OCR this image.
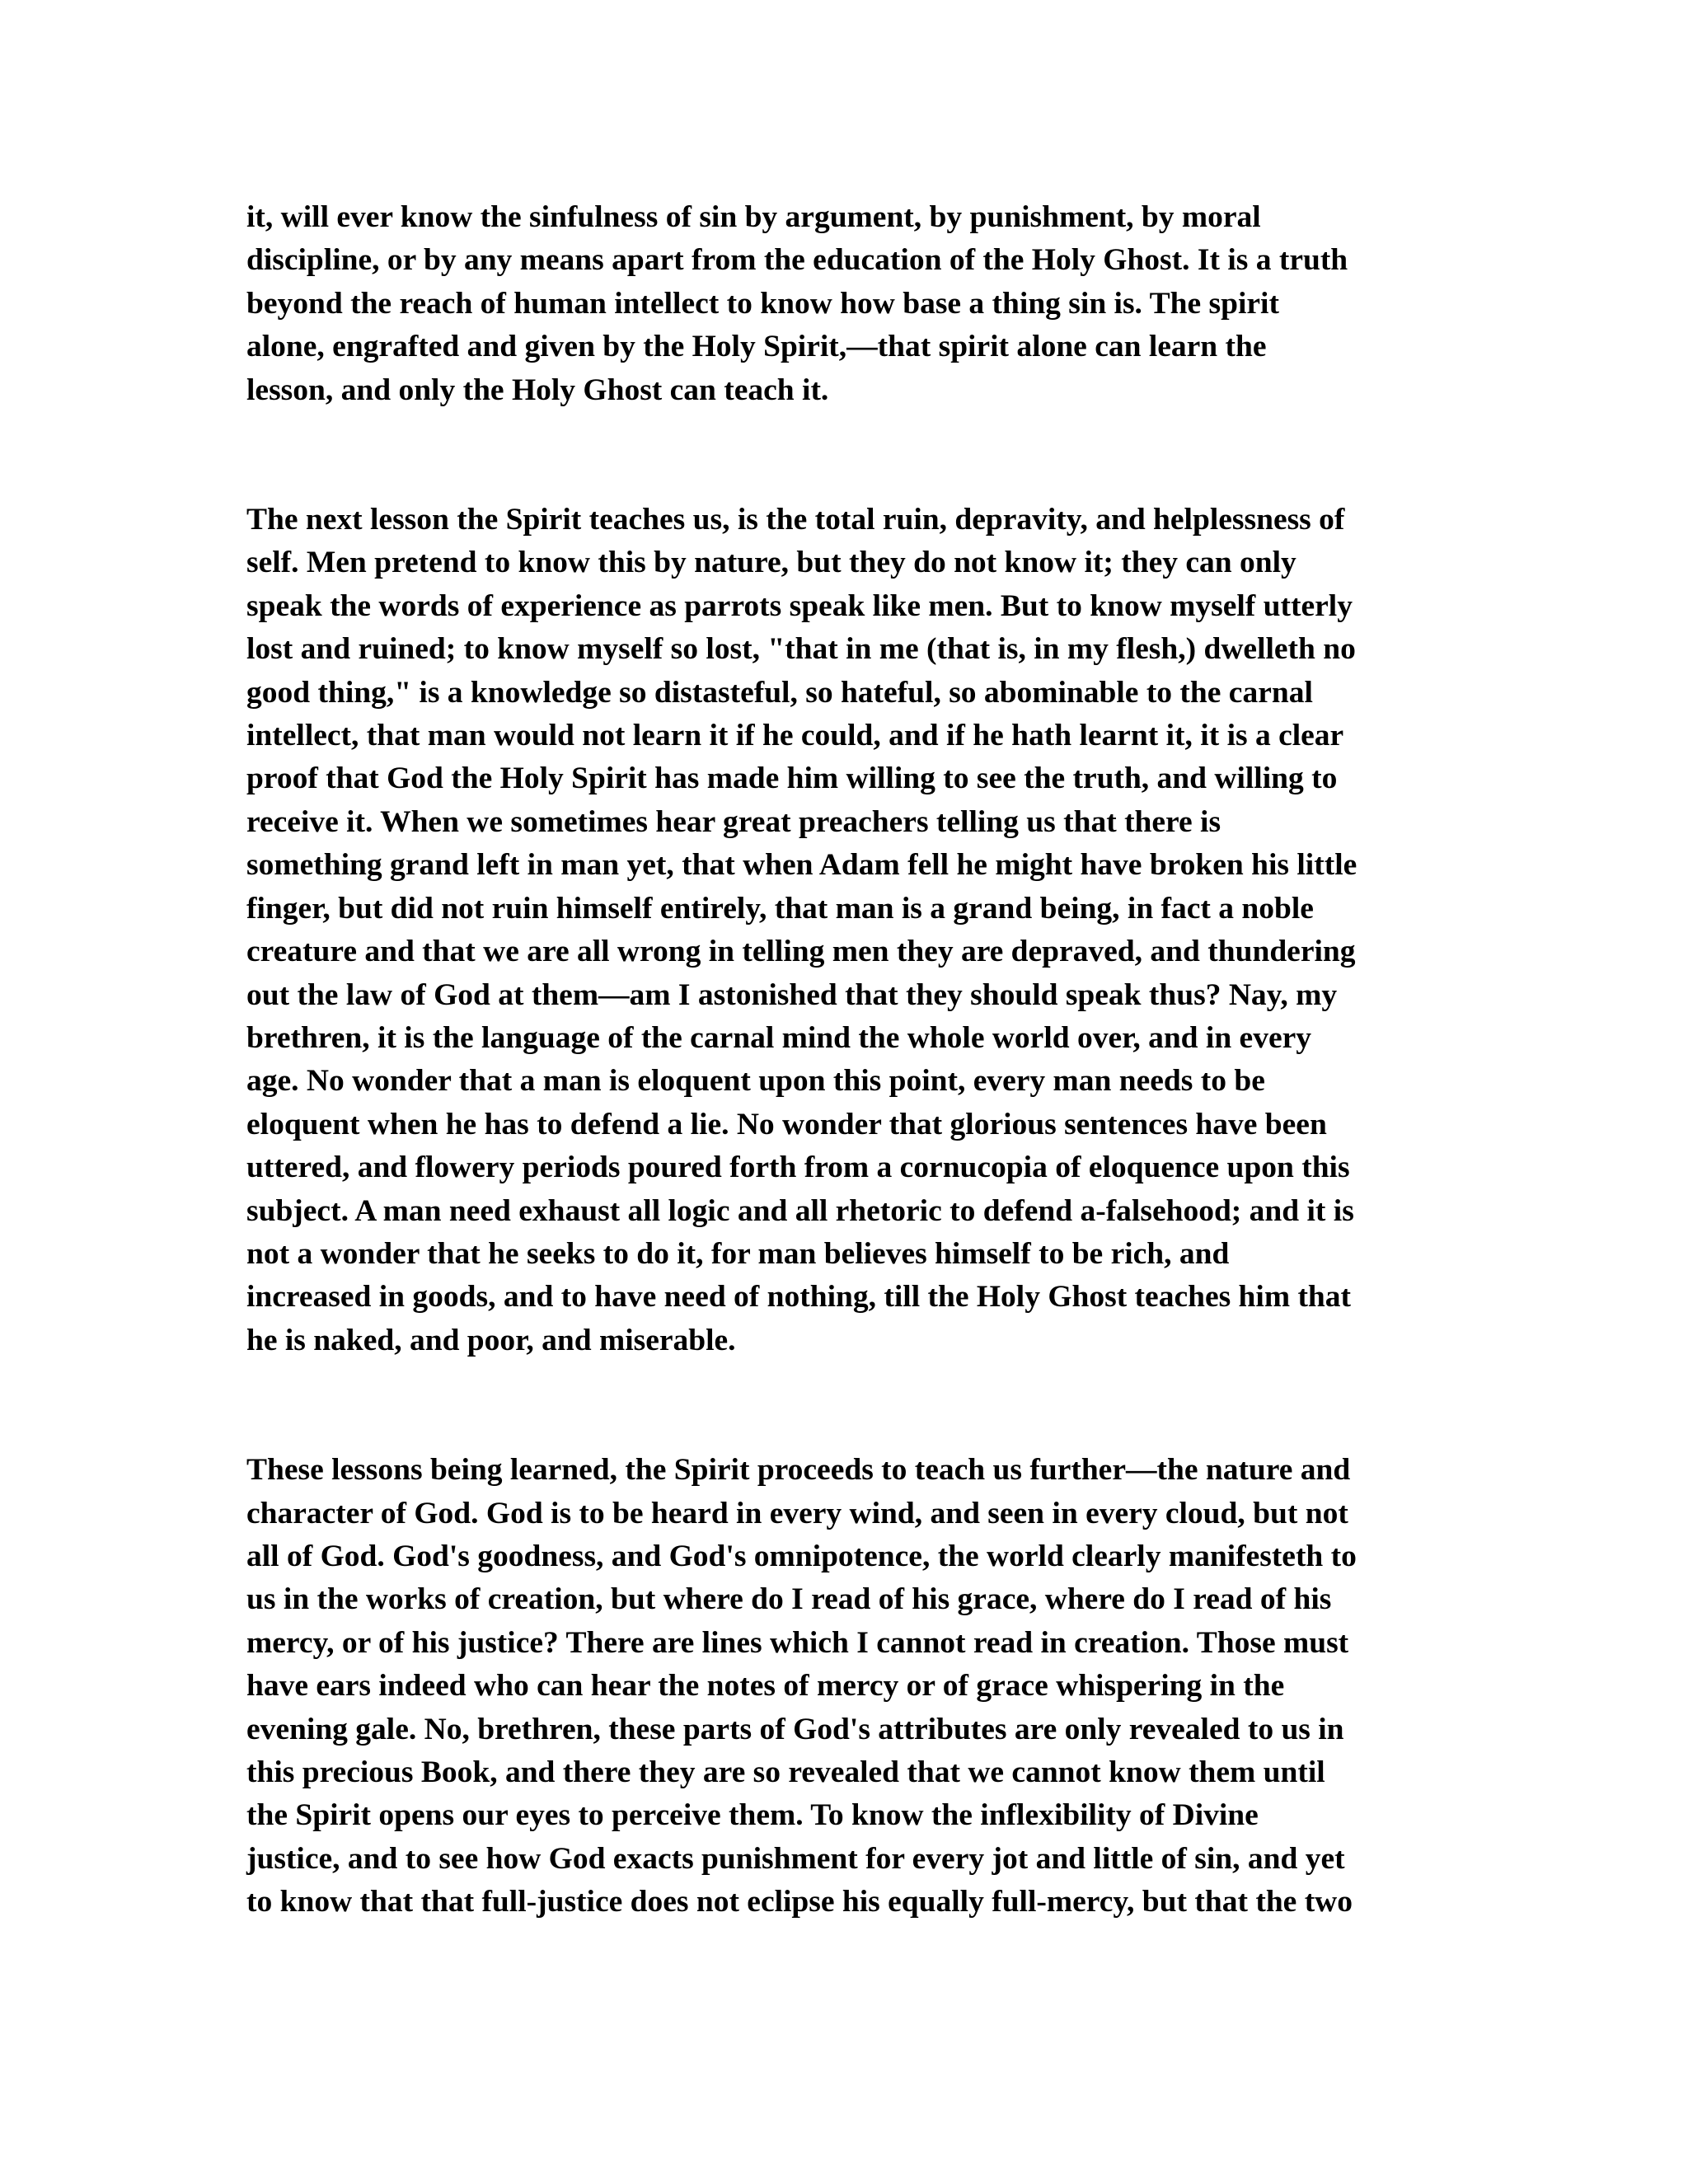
it, will ever know the sinfulness of sin by argument, by punishment, by moral
discipline, or by any means apart from the education of the Holy Ghost. It is a truth
beyond the reach of human intellect to know how base a thing sin is. The spirit
alone, engrafted and given by the Holy Spirit,—that spirit alone can learn the
lesson, and only the Holy Ghost can teach it.
The next lesson the Spirit teaches us, is the total ruin, depravity, and helplessness of
self. Men pretend to know this by nature, but they do not know it; they can only
speak the words of experience as parrots speak like men. But to know myself utterly
lost and ruined; to know myself so lost, "that in me (that is, in my flesh,) dwelleth no
good thing," is a knowledge so distasteful, so hateful, so abominable to the carnal
intellect, that man would not learn it if he could, and if he hath learnt it, it is a clear
proof that God the Holy Spirit has made him willing to see the truth, and willing to
receive it. When we sometimes hear great preachers telling us that there is
something grand left in man yet, that when Adam fell he might have broken his little
finger, but did not ruin himself entirely, that man is a grand being, in fact a noble
creature and that we are all wrong in telling men they are depraved, and thundering
out the law of God at them—am I astonished that they should speak thus? Nay, my
brethren, it is the language of the carnal mind the whole world over, and in every
age. No wonder that a man is eloquent upon this point, every man needs to be
eloquent when he has to defend a lie. No wonder that glorious sentences have been
uttered, and flowery periods poured forth from a cornucopia of eloquence upon this
subject. A man need exhaust all logic and all rhetoric to defend a-falsehood; and it is
not a wonder that he seeks to do it, for man believes himself to be rich, and
increased in goods, and to have need of nothing, till the Holy Ghost teaches him that
he is naked, and poor, and miserable.
These lessons being learned, the Spirit proceeds to teach us further—the nature and
character of God. God is to be heard in every wind, and seen in every cloud, but not
all of God. God's goodness, and God's omnipotence, the world clearly manifesteth to
us in the works of creation, but where do I read of his grace, where do I read of his
mercy, or of his justice? There are lines which I cannot read in creation. Those must
have ears indeed who can hear the notes of mercy or of grace whispering in the
evening gale. No, brethren, these parts of God's attributes are only revealed to us in
this precious Book, and there they are so revealed that we cannot know them until
the Spirit opens our eyes to perceive them. To know the inflexibility of Divine
justice, and to see how God exacts punishment for every jot and little of sin, and yet
to know that that full-justice does not eclipse his equally full-mercy, but that the two
